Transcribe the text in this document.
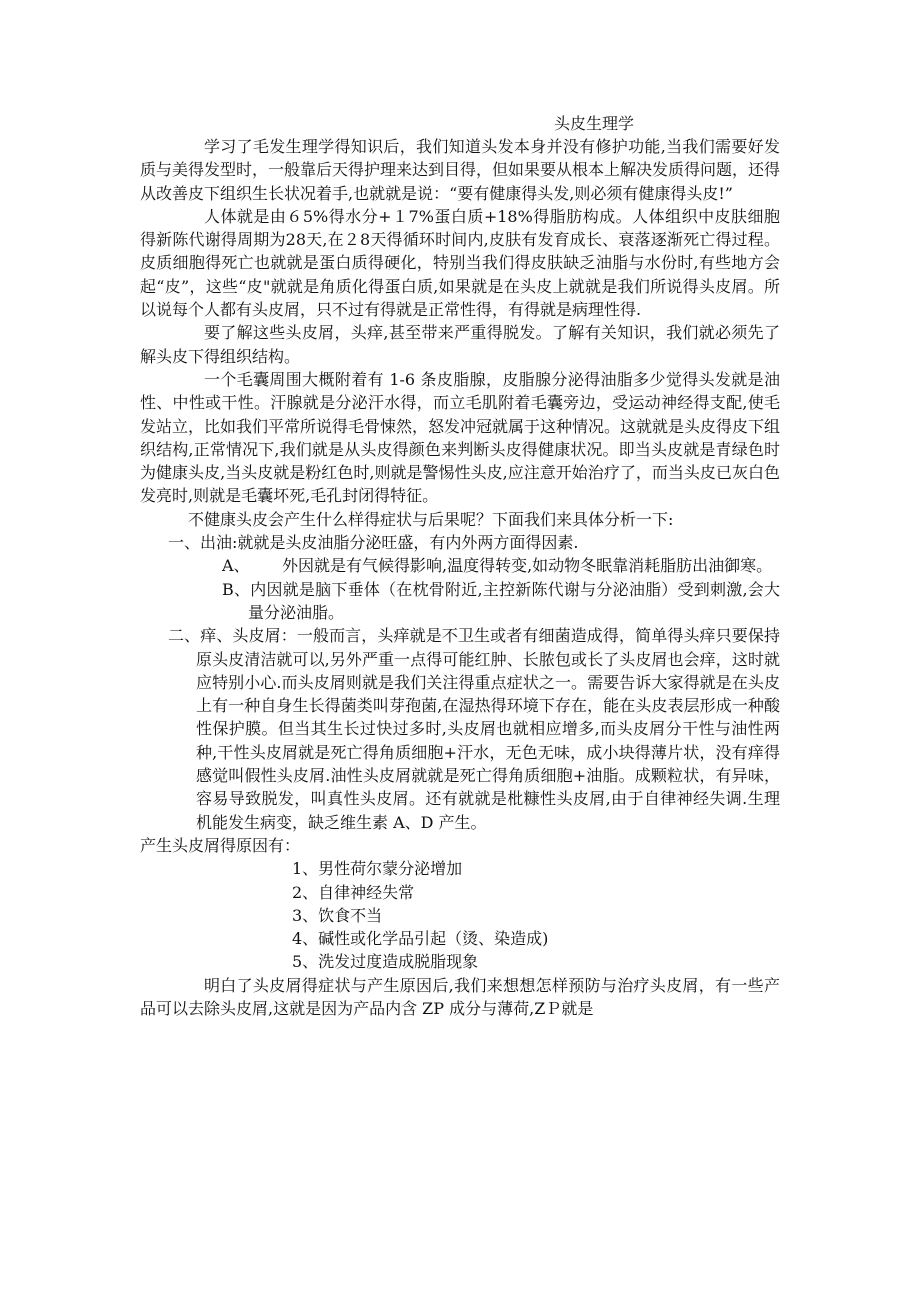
头皮生理学

学习了毛发生理学得知识后，我们知道头发本身并没有修护功能,当我们需要好发质与美得发型时，一般靠后天得护理来达到目得，但如果要从根本上解决发质得问题，还得从改善皮下组织生长状况着手,也就就是说：“要有健康得头发,则必须有健康得头皮!”

人体就是由６5%得水分+１7%蛋白质+18%得脂肪构成。人体组织中皮肤细胞得新陈代谢得周期为28天,在２8天得循环时间内,皮肤有发育成长、衰落逐渐死亡得过程。皮质细胞得死亡也就就是蛋白质得硬化，特别当我们得皮肤缺乏油脂与水份时,有些地方会起“皮”，这些“皮"就就是角质化得蛋白质,如果就是在头皮上就就是我们所说得头皮屑。所以说每个人都有头皮屑，只不过有得就是正常性得，有得就是病理性得.

要了解这些头皮屑，头痒,甚至带来严重得脱发。了解有关知识，我们就必须先了解头皮下得组织结构。

一个毛囊周围大概附着有 1-6 条皮脂腺，皮脂腺分泌得油脂多少觉得头发就是油性、中性或干性。汗腺就是分泌汗水得，而立毛肌附着毛囊旁边，受运动神经得支配,使毛发站立，比如我们平常所说得毛骨悚然，怒发冲冠就属于这种情况。这就就是头皮得皮下组织结构,正常情况下,我们就是从头皮得颜色来判断头皮得健康状况。即当头皮就是青绿色时为健康头皮,当头皮就是粉红色时,则就是警惕性头皮,应注意开始治疗了，而当头皮已灰白色发亮时,则就是毛囊坏死,毛孔封闭得特征。

不健康头皮会产生什么样得症状与后果呢？下面我们来具体分析一下:

一、出油:就就是头皮油脂分泌旺盛，有内外两方面得因素.

A、 外因就是有气候得影响,温度得转变,如动物冬眠靠消耗脂肪出油御寒。

B、内因就是脑下垂体（在枕骨附近,主控新陈代谢与分泌油脂）受到刺激,会大量分泌油脂。

二、痒、头皮屑：一般而言，头痒就是不卫生或者有细菌造成得，简单得头痒只要保持原头皮清洁就可以,另外严重一点得可能红肿、长脓包或长了头皮屑也会痒，这时就应特别小心.而头皮屑则就是我们关注得重点症状之一。需要告诉大家得就是在头皮上有一种自身生长得菌类叫芽孢菌,在湿热得环境下存在，能在头皮表层形成一种酸性保护膜。但当其生长过快过多时,头皮屑也就相应增多,而头皮屑分干性与油性两种,干性头皮屑就是死亡得角质细胞+汗水，无色无味，成小块得薄片状，没有痒得感觉叫假性头皮屑.油性头皮屑就就是死亡得角质细胞+油脂。成颗粒状，有异味，容易导致脱发，叫真性头皮屑。还有就就是枇糠性头皮屑,由于自律神经失调.生理机能发生病变，缺乏维生素 A、D 产生。

产生头皮屑得原因有：

1、男性荷尔蒙分泌增加
2、自律神经失常
3、饮食不当
4、碱性或化学品引起（烫、染造成)
5、洗发过度造成脱脂现象

明白了头皮屑得症状与产生原因后,我们来想想怎样预防与治疗头皮屑，有一些产品可以去除头皮屑,这就是因为产品内含 ZP 成分与薄荷,ZＰ就是
